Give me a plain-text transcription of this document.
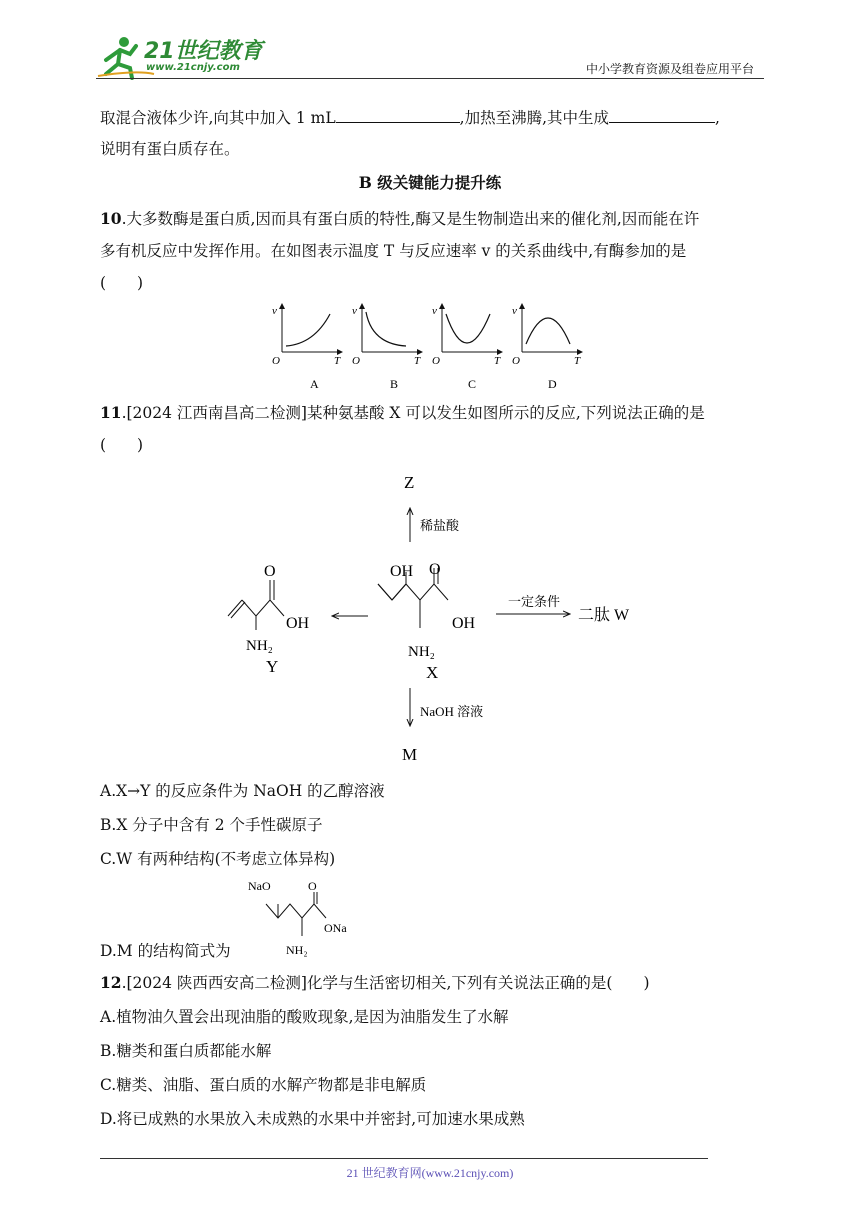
21世纪教育
www.21cnjy.com	中小学教育资源及组卷应用平台
取混合液体少许,向其中加入 1 mL	,加热至沸腾,其中生成	,
说明有蛋白质存在。
B 级关键能力提升练
10.大多数酶是蛋白质,因而具有蛋白质的特性,酶又是生物制造出来的催化剂,因而能在许
多有机反应中发挥作用。在如图表示温度 T 与反应速率 v 的关系曲线中,有酶参加的是
(　　)
v
O	T
A
v
O	T
B
v
O	T
C
v
O	T
D
11.[2024 江西南昌高二检测]某种氨基酸 X 可以发生如图所示的反应,下列说法正确的是
(　　)
Z
稀盐酸
OH O
OH
NH₂
X
O
OH
NH₂
Y
一定条件
二肽 W
NaOH 溶液
M
A.X→Y 的反应条件为 NaOH 的乙醇溶液
B.X 分子中含有 2 个手性碳原子
C.W 有两种结构(不考虑立体异构)
D.M 的结构简式为
NaO	O
ONa
NH₂
12.[2024 陕西西安高二检测]化学与生活密切相关,下列有关说法正确的是(　　)
A.植物油久置会出现油脂的酸败现象,是因为油脂发生了水解
B.糖类和蛋白质都能水解
C.糖类、油脂、蛋白质的水解产物都是非电解质
D.将已成熟的水果放入未成熟的水果中并密封,可加速水果成熟
21 世纪教育网(www.21cnjy.com)
